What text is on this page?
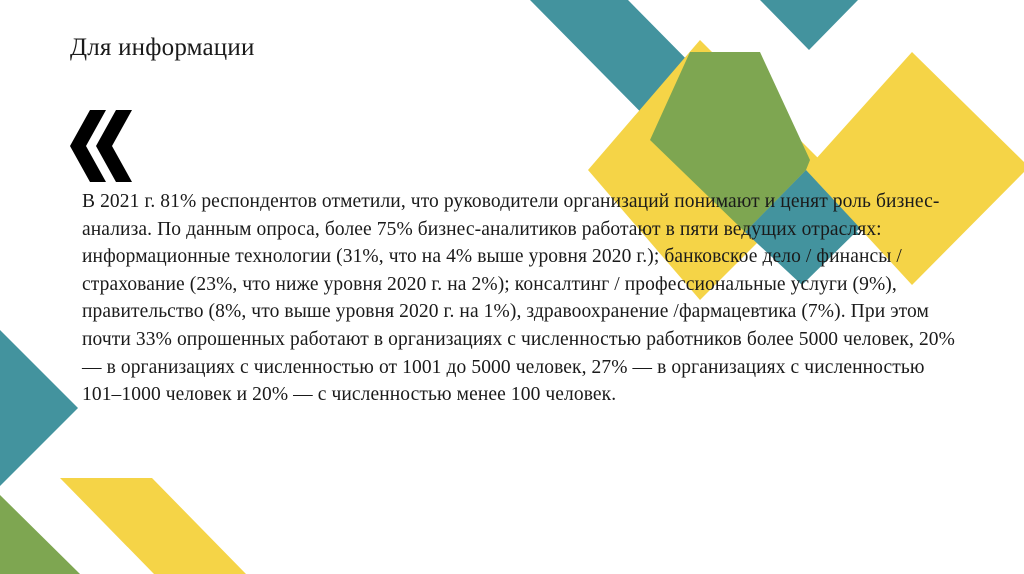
Для информации

В 2021 г. 81% респондентов отметили, что руководители организаций понимают и ценят роль бизнес-анализа. По данным опроса, более 75% бизнес-аналитиков работают в пяти ведущих отраслях: информационные технологии (31%, что на 4% выше уровня 2020 г.); банковское дело / финансы / страхование (23%, что ниже уровня 2020 г. на 2%); консалтинг / профессиональные услуги (9%), правительство (8%, что выше уровня 2020 г. на 1%), здравоохранение /фармацевтика (7%). При этом почти 33% опрошенных работают в организациях с численностью работников более 5000 человек, 20% — в организациях с численностью от 1001 до 5000 человек, 27% — в организациях с численностью 101–1000 человек и 20% — с численностью менее 100 человек.
